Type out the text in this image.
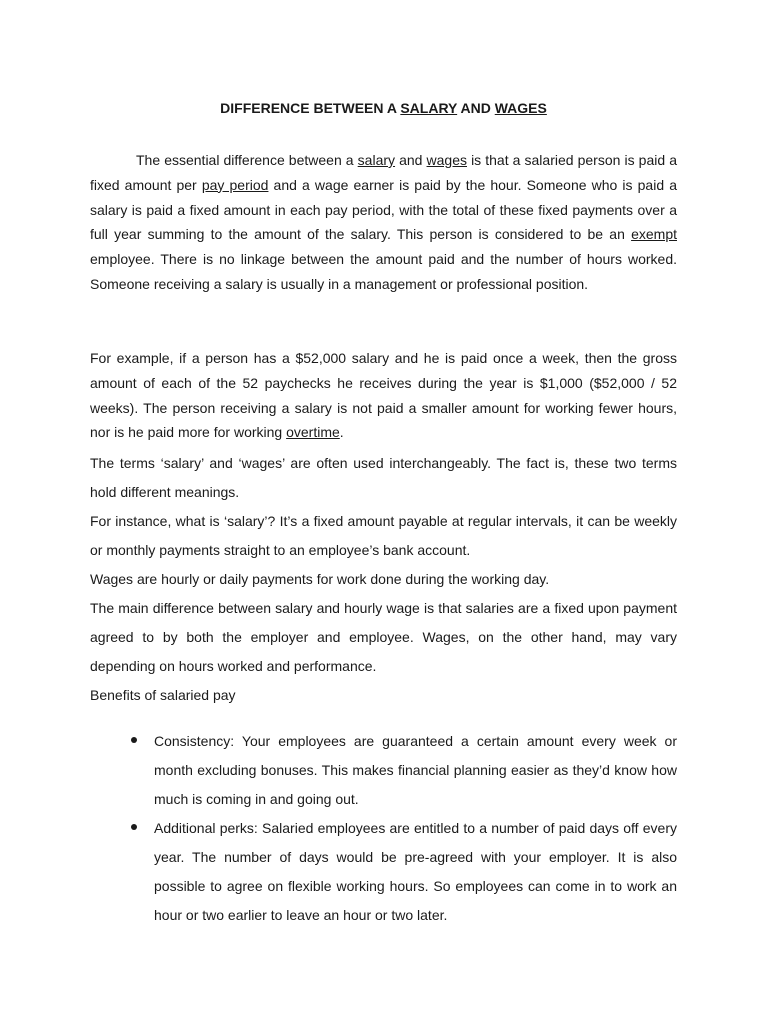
DIFFERENCE BETWEEN A SALARY AND WAGES

The essential difference between a salary and wages is that a salaried person is paid a fixed amount per pay period and a wage earner is paid by the hour. Someone who is paid a salary is paid a fixed amount in each pay period, with the total of these fixed payments over a full year summing to the amount of the salary. This person is considered to be an exempt employee. There is no linkage between the amount paid and the number of hours worked. Someone receiving a salary is usually in a management or professional position.

For example, if a person has a $52,000 salary and he is paid once a week, then the gross amount of each of the 52 paychecks he receives during the year is $1,000 ($52,000 / 52 weeks). The person receiving a salary is not paid a smaller amount for working fewer hours, nor is he paid more for working overtime.

The terms ‘salary’ and ‘wages’ are often used interchangeably. The fact is, these two terms hold different meanings.

For instance, what is ‘salary’? It’s a fixed amount payable at regular intervals, it can be weekly or monthly payments straight to an employee’s bank account.

Wages are hourly or daily payments for work done during the working day.

The main difference between salary and hourly wage is that salaries are a fixed upon payment agreed to by both the employer and employee. Wages, on the other hand, may vary depending on hours worked and performance.

Benefits of salaried pay

Consistency: Your employees are guaranteed a certain amount every week or month excluding bonuses. This makes financial planning easier as they’d know how much is coming in and going out.
Additional perks: Salaried employees are entitled to a number of paid days off every year. The number of days would be pre-agreed with your employer. It is also possible to agree on flexible working hours. So employees can come in to work an hour or two earlier to leave an hour or two later.
